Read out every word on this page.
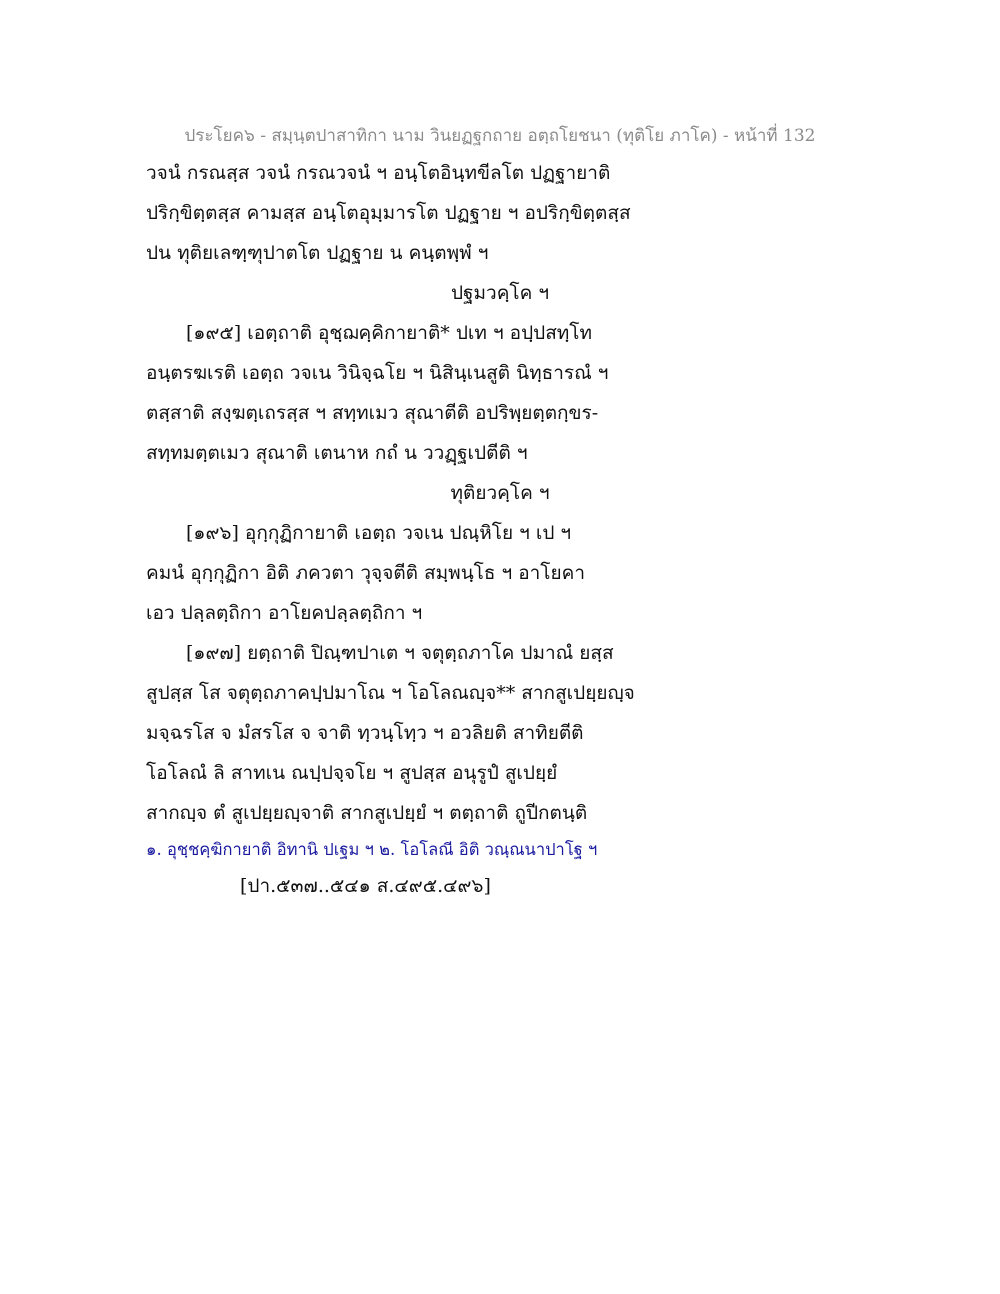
ประโยค๖ - สมฺนฺตปาสาทิกา นาม วินยฏฐกถาย อตฺถโยชนา (ทุติโย ภาโค) - หน้าที่ 132
วจนํ กรณสฺส วจนํ กรณวจนํ ฯ อนฺโตอินฺทขีลโต ปฏฐายาติ
ปริกฺขิตฺตสฺส คามสฺส อนฺโตอุมฺมารโต ปฏฐาย ฯ อปริกฺขิตฺตสฺส
ปน ทุติยเลฑฺฑุปาตโต ปฏฐาย น คนฺตพฺพํ ฯ
ปฐมวคฺโค ฯ
[๑๙๕] เอตฺถาติ อุชฺฌคฺคิกายาติ* ปเท ฯ อปฺปสทฺโท
อนฺตรฆเรติ เอตฺถ วจเน วินิจฺฉโย ฯ นิสินฺเนสูติ นิทฺธารณํ ฯ
ตสฺสาติ สงฺฆตฺเถรสฺส ฯ สทฺทเมว สุณาตีติ อปริพฺยตฺตกฺขร-
สทฺทมตฺตเมว สุณาติ เตนาห กถํ น ววฏฺฐเปตีติ ฯ
ทุติยวคฺโค ฯ
[๑๙๖] อุกฺกุฏิกายาติ เอตฺถ วจเน ปณฺหิโย ฯ เป ฯ
คมนํ อุกฺกุฏิกา อิติ ภควตา วุจฺจตีติ สมฺพนฺโธ ฯ อาโยคา
เอว ปลฺลตฺถิกา อาโยคปลฺลตฺถิกา ฯ
[๑๙๗] ยตฺถาติ ปิณฺฑปาเต ฯ จตุตฺถภาโค ปมาณํ ยสฺส
สูปสฺส โส จตุตฺถภาคปฺปมาโณ ฯ โอโลณญฺจ** สากสูเปยฺยญฺจ
มจฺฉรโส จ มํสรโส จ จาติ ทฺวนฺโทฺว ฯ อวลิยติ สาทิยตีติ
โอโลณํ ลิ สาทเน ณปฺปจฺจโย ฯ สูปสฺส อนุรูปํ สูเปยฺยํ
สากญฺจ ตํ สูเปยฺยญฺจาติ สากสูเปยฺยํ ฯ ตตฺถาติ ถูปีกตนฺติ
๑. อุชฺชคฺฆิกายาติ อิทานิ ปเฐม ฯ ๒. โอโลณี อิติ วณฺณนาปาโฐ ฯ
[ปา.๕๓๗..๕๔๑ ส.๔๙๕.๔๙๖]
